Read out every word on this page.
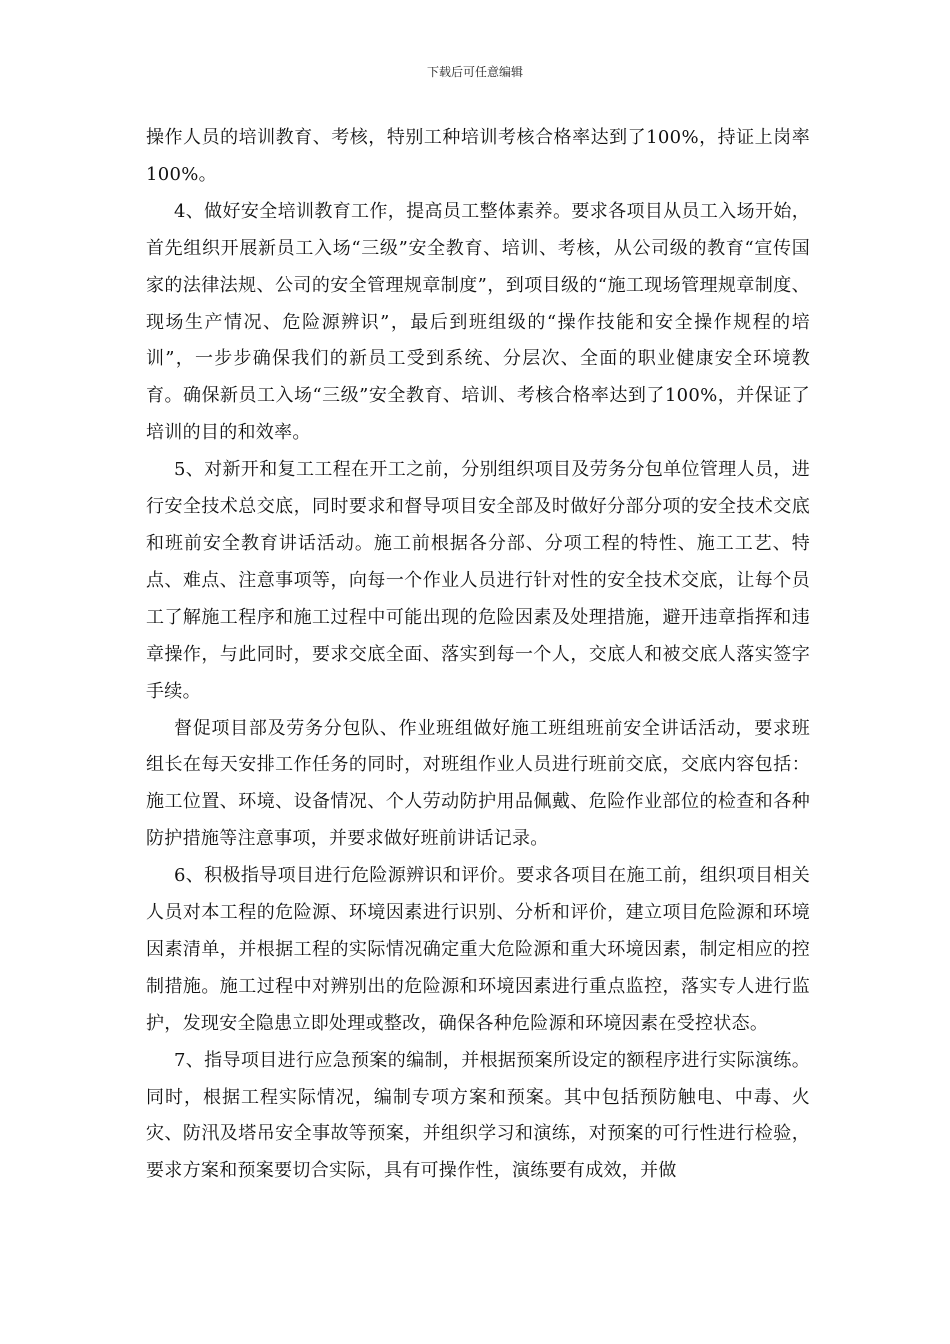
下载后可任意编辑

操作人员的培训教育、考核，特别工种培训考核合格率达到了100%，持证上岗率100%。

4、做好安全培训教育工作，提高员工整体素养。要求各项目从员工入场开始，首先组织开展新员工入场“三级”安全教育、培训、考核，从公司级的教育“宣传国家的法律法规、公司的安全管理规章制度”，到项目级的“施工现场管理规章制度、现场生产情况、危险源辨识”，最后到班组级的“操作技能和安全操作规程的培训”，一步步确保我们的新员工受到系统、分层次、全面的职业健康安全环境教育。确保新员工入场“三级”安全教育、培训、考核合格率达到了100%，并保证了培训的目的和效率。

5、对新开和复工工程在开工之前，分别组织项目及劳务分包单位管理人员，进行安全技术总交底，同时要求和督导项目安全部及时做好分部分项的安全技术交底和班前安全教育讲话活动。施工前根据各分部、分项工程的特性、施工工艺、特点、难点、注意事项等，向每一个作业人员进行针对性的安全技术交底，让每个员工了解施工程序和施工过程中可能出现的危险因素及处理措施，避开违章指挥和违章操作，与此同时，要求交底全面、落实到每一个人，交底人和被交底人落实签字手续。

督促项目部及劳务分包队、作业班组做好施工班组班前安全讲话活动，要求班组长在每天安排工作任务的同时，对班组作业人员进行班前交底，交底内容包括：施工位置、环境、设备情况、个人劳动防护用品佩戴、危险作业部位的检查和各种防护措施等注意事项，并要求做好班前讲话记录。

6、积极指导项目进行危险源辨识和评价。要求各项目在施工前，组织项目相关人员对本工程的危险源、环境因素进行识别、分析和评价，建立项目危险源和环境因素清单，并根据工程的实际情况确定重大危险源和重大环境因素，制定相应的控制措施。施工过程中对辨别出的危险源和环境因素进行重点监控，落实专人进行监护，发现安全隐患立即处理或整改，确保各种危险源和环境因素在受控状态。

7、指导项目进行应急预案的编制，并根据预案所设定的额程序进行实际演练。同时，根据工程实际情况，编制专项方案和预案。其中包括预防触电、中毒、火灾、防汛及塔吊安全事故等预案，并组织学习和演练，对预案的可行性进行检验，要求方案和预案要切合实际，具有可操作性，演练要有成效，并做
